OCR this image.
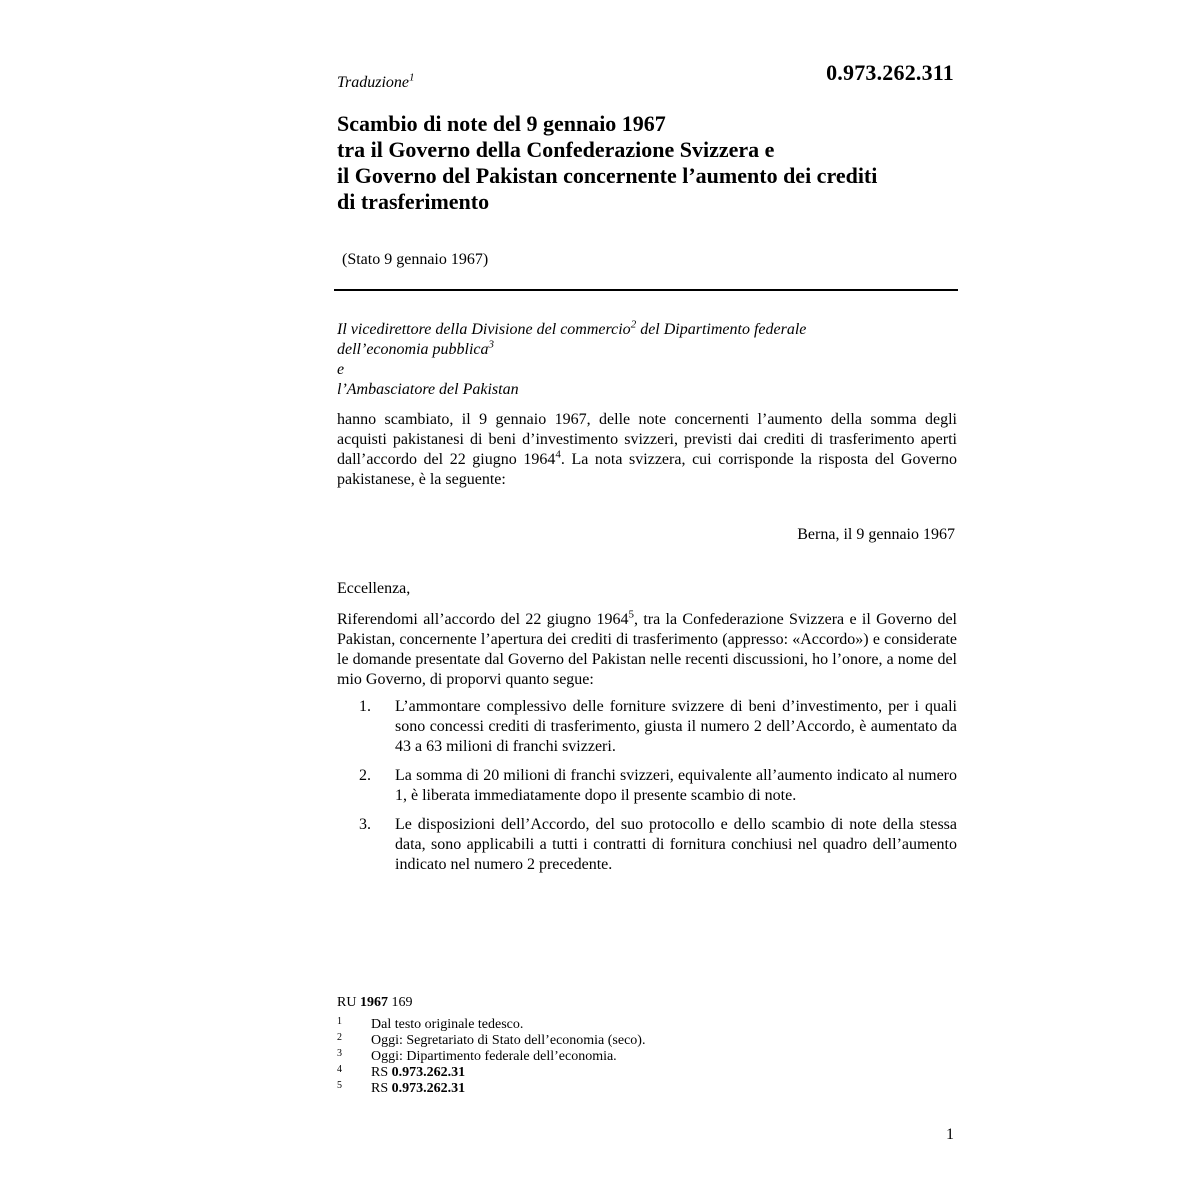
Traduzione$^1$	0.973.262.311
Scambio di note del 9 gennaio 1967
tra il Governo della Confederazione Svizzera e
il Governo del Pakistan concernente l’aumento dei crediti
di trasferimento
(Stato 9 gennaio 1967)
Il vicedirettore della Divisione del commercio$^2$ del Dipartimento federale
dell’economia pubblica$^3$
e
l’Ambasciatore del Pakistan
hanno scambiato, il 9 gennaio 1967, delle note concernenti l’aumento della somma degli acquisti pakistanesi di beni d’investimento svizzeri, previsti dai crediti di trasferimento aperti dall’accordo del 22 giugno 1964$^4$. La nota svizzera, cui corrisponde la risposta del Governo pakistanese, è la seguente:
Berna, il 9 gennaio 1967
Eccellenza,
Riferendomi all’accordo del 22 giugno 1964$^5$, tra la Confederazione Svizzera e il Governo del Pakistan, concernente l’apertura dei crediti di trasferimento (appresso: «Accordo») e considerate le domande presentate dal Governo del Pakistan nelle recenti discussioni, ho l’onore, a nome del mio Governo, di proporvi quanto segue:
1. L’ammontare complessivo delle forniture svizzere di beni d’investimento, per i quali sono concessi crediti di trasferimento, giusta il numero 2 dell’Accordo, è aumentato da 43 a 63 milioni di franchi svizzeri.
2. La somma di 20 milioni di franchi svizzeri, equivalente all’aumento indicato al numero 1, è liberata immediatamente dopo il presente scambio di note.
3. Le disposizioni dell’Accordo, del suo protocollo e dello scambio di note della stessa data, sono applicabili a tutti i contratti di fornitura conchiusi nel quadro dell’aumento indicato nel numero 2 precedente.
RU 1967 169
1 Dal testo originale tedesco.
2 Oggi: Segretariato di Stato dell’economia (seco).
3 Oggi: Dipartimento federale dell’economia.
4 RS 0.973.262.31
5 RS 0.973.262.31
1
